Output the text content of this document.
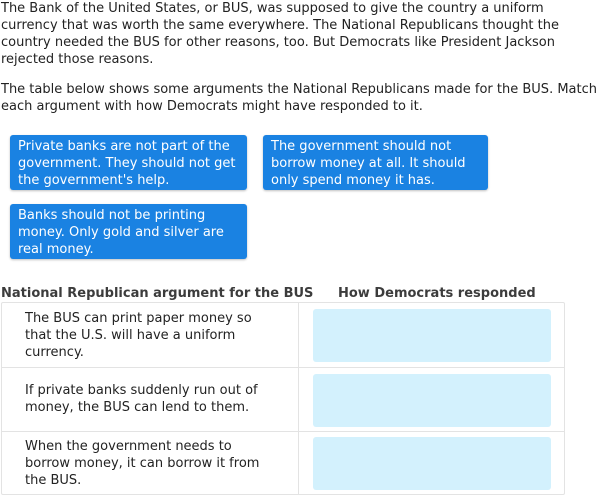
The Bank of the United States, or BUS, was supposed to give the country a uniform currency that was worth the same everywhere. The National Republicans thought the country needed the BUS for other reasons, too. But Democrats like President Jackson rejected those reasons.

The table below shows some arguments the National Republicans made for the BUS. Match each argument with how Democrats might have responded to it.

Private banks are not part of the government. They should not get the government's help.
The government should not borrow money at all. It should only spend money it has.
Banks should not be printing money. Only gold and silver are real money.
National Republican argument for the BUS How Democrats responded
The BUS can print paper money so that the U.S. will have a uniform currency.
If private banks suddenly run out of money, the BUS can lend to them.
When the government needs to borrow money, it can borrow it from the BUS.
